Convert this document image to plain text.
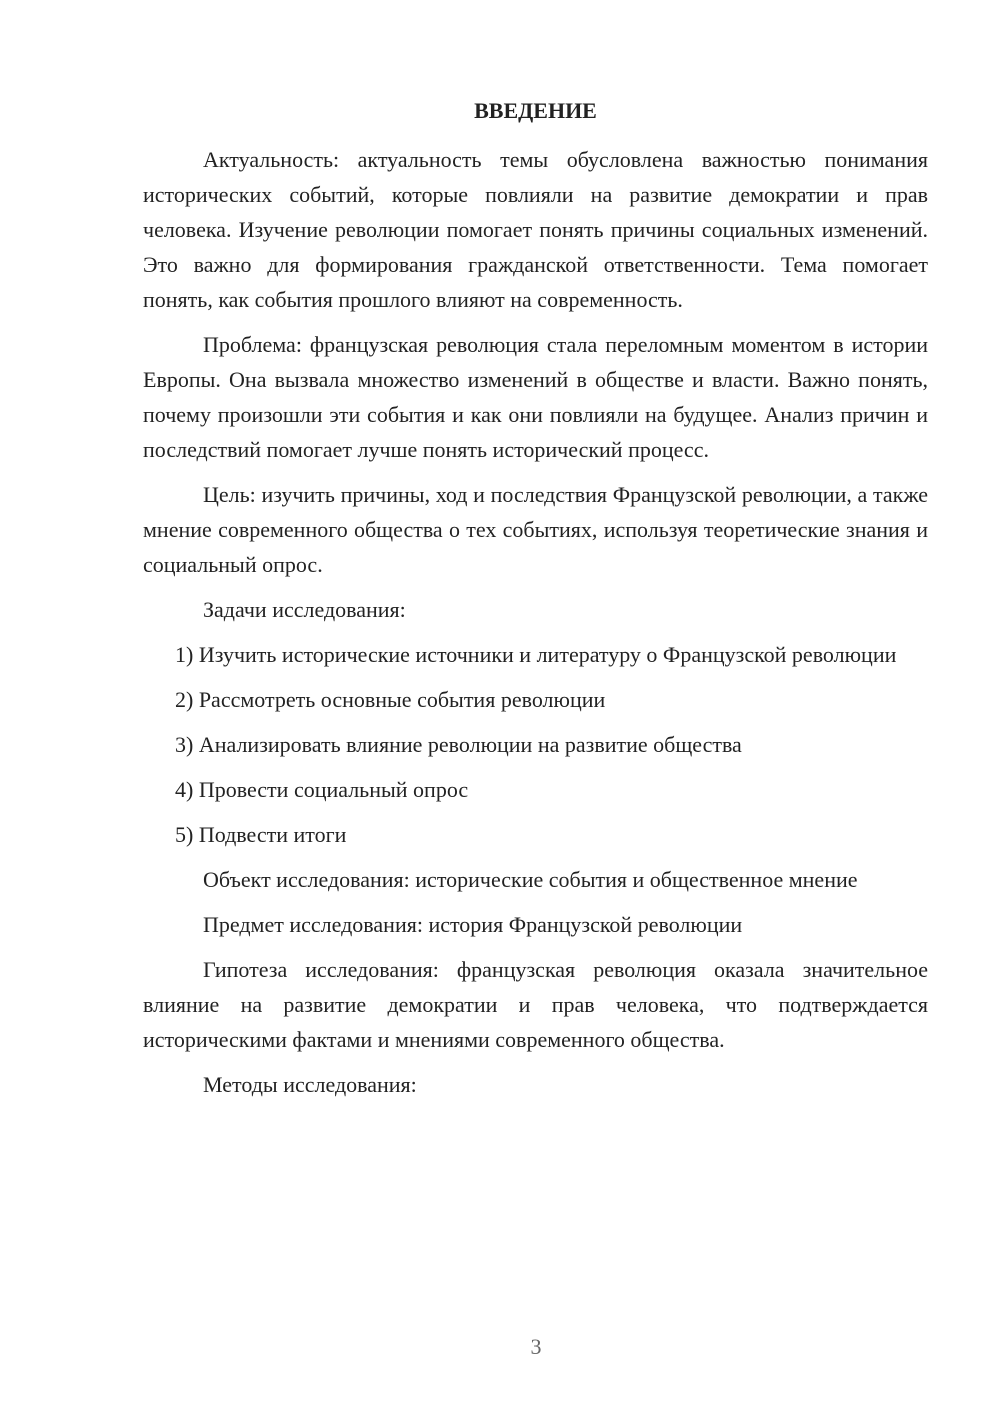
ВВЕДЕНИЕ

Актуальность: актуальность темы обусловлена важностью понимания исторических событий, которые повлияли на развитие демократии и прав человека. Изучение революции помогает понять причины социальных изменений. Это важно для формирования гражданской ответственности. Тема помогает понять, как события прошлого влияют на современность.

Проблема: французская революция стала переломным моментом в истории Европы. Она вызвала множество изменений в обществе и власти. Важно понять, почему произошли эти события и как они повлияли на будущее. Анализ причин и последствий помогает лучше понять исторический процесс.

Цель: изучить причины, ход и последствия Французской революции, а также мнение современного общества о тех событиях, используя теоретические знания и социальный опрос.

Задачи исследования:

1) Изучить исторические источники и литературу о Французской революции

2) Рассмотреть основные события революции

3) Анализировать влияние революции на развитие общества

4) Провести социальный опрос

5) Подвести итоги

Объект исследования: исторические события и общественное мнение

Предмет исследования: история Французской революции

Гипотеза исследования: французская революция оказала значительное влияние на развитие демократии и прав человека, что подтверждается историческими фактами и мнениями современного общества.

Методы исследования:

3
